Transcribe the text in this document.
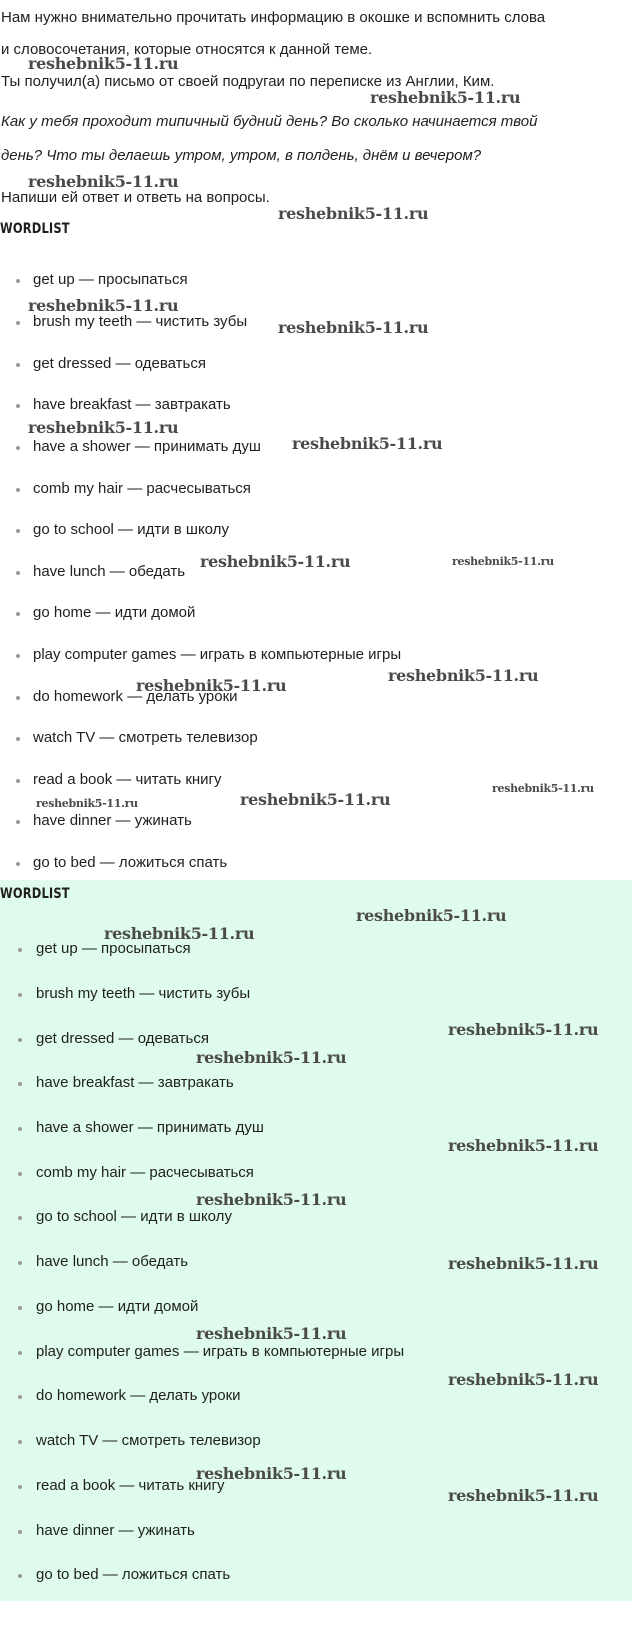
Нам нужно внимательно прочитать информацию в окошке и вспомнить слова

и словосочетания, которые относятся к данной теме.

Ты получил(а) письмо от своей подругаи по переписке из Англии, Ким.

Как у тебя проходит типичный будний день? Во сколько начинается твой

день? Что ты делаешь утром, утром, в полдень, днём и вечером?

Напиши ей ответ и ответь на вопросы.

WORDLIST
get up — просыпаться
brush my teeth — чистить зубы
get dressed — одеваться
have breakfast — завтракать
have a shower — принимать душ
comb my hair — расчесываться
go to school — идти в школу
have lunch — обедать
go home — идти домой
play computer games — играть в компьютерные игры
do homework — делать уроки
watch TV — смотреть телевизор
read a book — читать книгу
have dinner — ужинать
go to bed — ложиться спать
WORDLIST
get up — просыпаться
brush my teeth — чистить зубы
get dressed — одеваться
have breakfast — завтракать
have a shower — принимать душ
comb my hair — расчесываться
go to school — идти в школу
have lunch — обедать
go home — идти домой
play computer games — играть в компьютерные игры
do homework — делать уроки
watch TV — смотреть телевизор
read a book — читать книгу
have dinner — ужинать
go to bed — ложиться спать
reshebnik5-11.ru
reshebnik5-11.ru
reshebnik5-11.ru
reshebnik5-11.ru
reshebnik5-11.ru
reshebnik5-11.ru
reshebnik5-11.ru
reshebnik5-11.ru
reshebnik5-11.ru	reshebnik5-11.ru
reshebnik5-11.ru
reshebnik5-11.ru
reshebnik5-11.ru
reshebnik5-11.ru
reshebnik5-11.ru
reshebnik5-11.ru
reshebnik5-11.ru
reshebnik5-11.ru
reshebnik5-11.ru
reshebnik5-11.ru
reshebnik5-11.ru
reshebnik5-11.ru
reshebnik5-11.ru
reshebnik5-11.ru
reshebnik5-11.ru
reshebnik5-11.ru
